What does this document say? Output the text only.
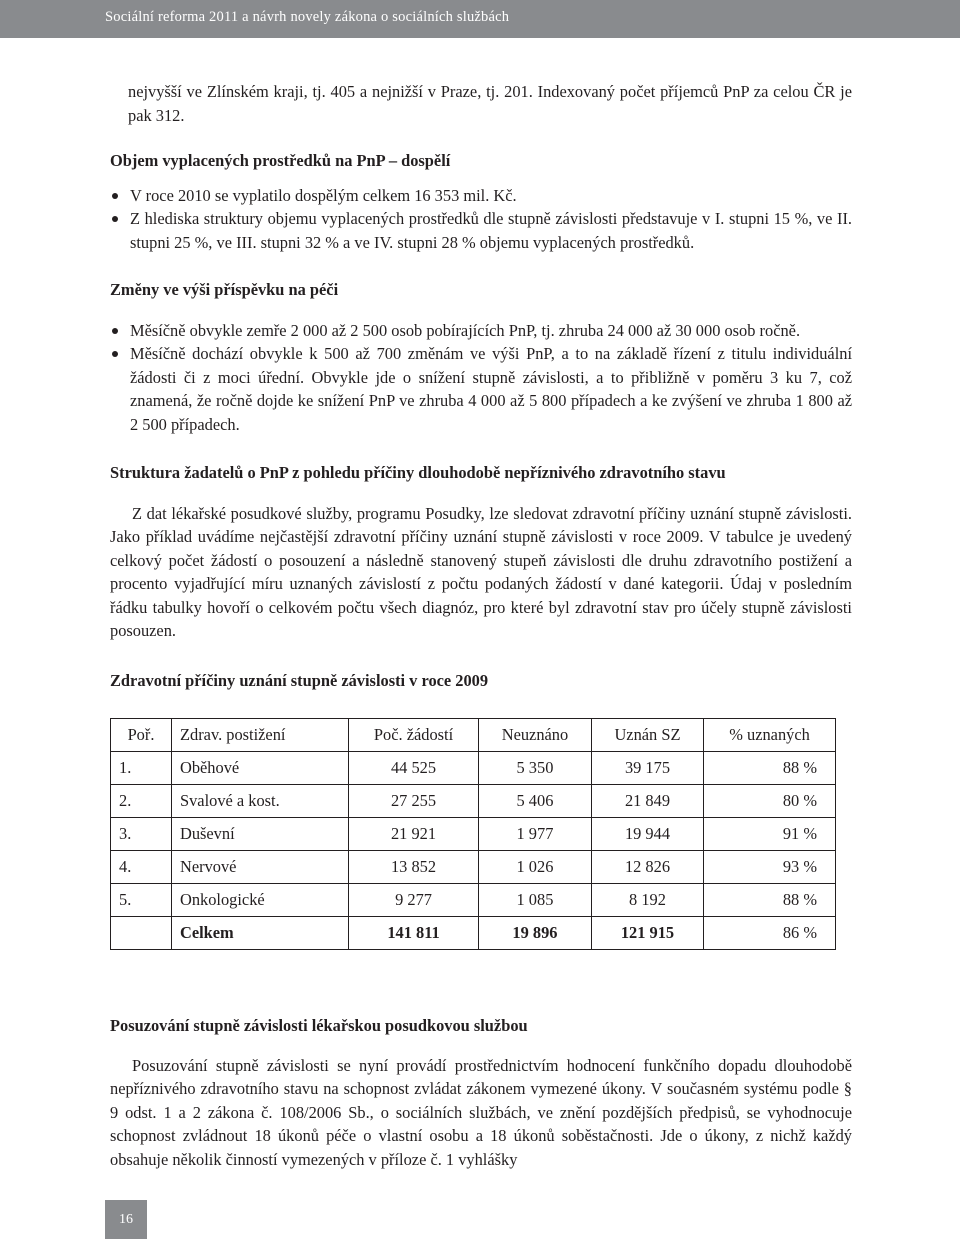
Sociální reforma 2011 a návrh novely zákona o sociálních službách

nejvyšší ve Zlínském kraji, tj. 405 a nejnižší v Praze, tj. 201. Indexovaný počet příjemců PnP za celou ČR je pak 312.

Objem vyplacených prostředků na PnP – dospělí
V roce 2010 se vyplatilo dospělým celkem 16 353 mil. Kč.
Z hlediska struktury objemu vyplacených prostředků dle stupně závislosti představuje v I. stupni 15 %, ve II. stupni 25 %, ve III. stupni 32 % a ve IV. stupni 28 % objemu vyplacených prostředků.
Změny ve výši příspěvku na péči
Měsíčně obvykle zemře 2 000 až 2 500 osob pobírajících PnP, tj. zhruba 24 000 až 30 000 osob ročně.
Měsíčně dochází obvykle k 500 až 700 změnám ve výši PnP, a to na základě řízení z titulu individuální žádosti či z moci úřední. Obvykle jde o snížení stupně závislosti, a to přibližně v poměru 3 ku 7, což znamená, že ročně dojde ke snížení PnP ve zhruba 4 000 až 5 800 případech a ke zvýšení ve zhruba 1 800 až 2 500 případech.
Struktura žadatelů o PnP z pohledu příčiny dlouhodobě nepříznivého zdravotního stavu

Z dat lékařské posudkové služby, programu Posudky, lze sledovat zdravotní příčiny uznání stupně závislosti. Jako příklad uvádíme nejčastější zdravotní příčiny uznání stupně závislosti v roce 2009. V tabulce je uvedený celkový počet žádostí o posouzení a následně stanovený stupeň závislosti dle druhu zdravotního postižení a procento vyjadřující míru uznaných závislostí z počtu podaných žádostí v dané kategorii. Údaj v posledním řádku tabulky hovoří o celkovém počtu všech diagnóz, pro které byl zdravotní stav pro účely stupně závislosti posouzen.

Zdravotní příčiny uznání stupně závislosti v roce 2009
Poř.	Zdrav. postižení	Poč. žádostí	Neuznáno	Uznán SZ	% uznaných
1.	Oběhové	44 525	5 350	39 175	88 %
2.	Svalové a kost.	27 255	5 406	21 849	80 %
3.	Duševní	21 921	1 977	19 944	91 %
4.	Nervové	13 852	1 026	12 826	93 %
5.	Onkologické	9 277	1 085	8 192	88 %
	Celkem	141 811	19 896	121 915	86 %
Posuzování stupně závislosti lékařskou posudkovou službou

Posuzování stupně závislosti se nyní provádí prostřednictvím hodnocení funkčního dopadu dlouhodobě nepříznivého zdravotního stavu na schopnost zvládat zákonem vymezené úkony. V současném systému podle § 9 odst. 1 a 2 zákona č. 108/2006 Sb., o sociálních službách, ve znění pozdějších předpisů, se vyhodnocuje schopnost zvládnout 18 úkonů péče o vlastní osobu a 18 úkonů soběstačnosti. Jde o úkony, z nichž každý obsahuje několik činností vymezených v příloze č. 1 vyhlášky

16
